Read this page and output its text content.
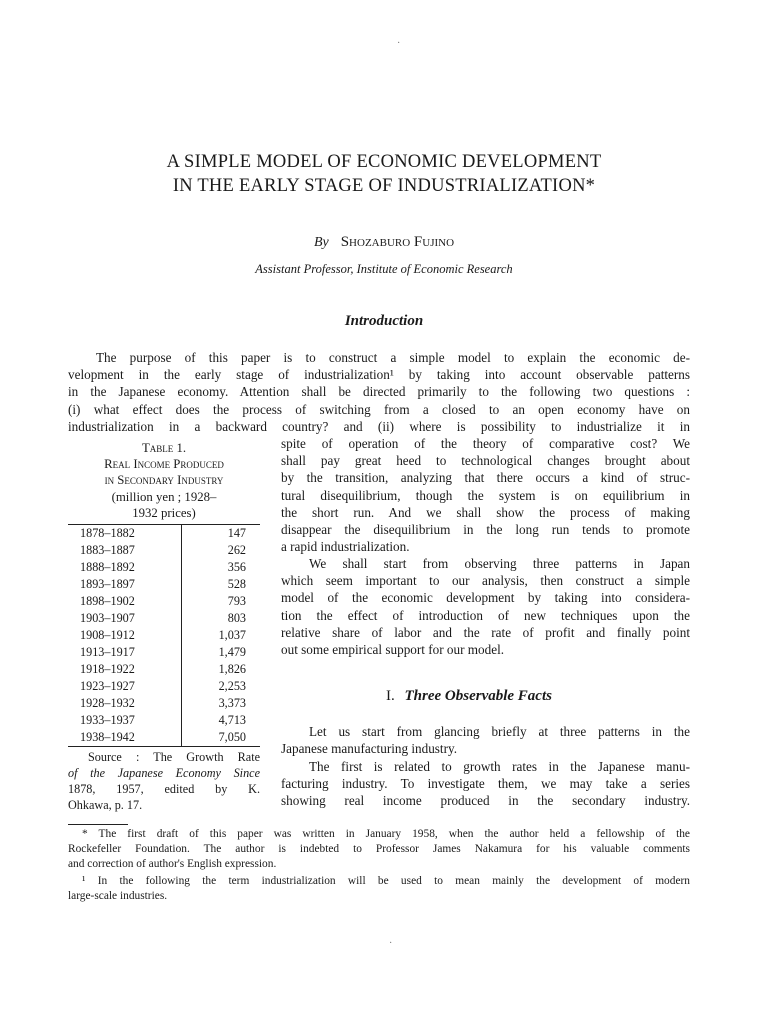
·
·
A SIMPLE MODEL OF ECONOMIC DEVELOPMENT
IN THE EARLY STAGE OF INDUSTRIALIZATION*
By Shozaburo Fujino
Assistant Professor, Institute of Economic Research
Introduction
The purpose of this paper is to construct a simple model to explain the economic de-
velopment in the early stage of industrialization¹ by taking into account observable patterns
in the Japanese economy. Attention shall be directed primarily to the following two questions :
(i) what effect does the process of switching from a closed to an open economy have on
industrialization in a backward country? and (ii) where is possibility to industrialize it in
Table 1.
Real Income Produced
in Secondary Industry
(million yen ; 1928–
1932 prices)
1878–1882	147
1883–1887	262
1888–1892	356
1893–1897	528
1898–1902	793
1903–1907	803
1908–1912	1,037
1913–1917	1,479
1918–1922	1,826
1923–1927	2,253
1928–1932	3,373
1933–1937	4,713
1938–1942	7,050
Source : The Growth Rate
of the Japanese Economy Since
1878, 1957, edited by K.
Ohkawa, p. 17.
spite of operation of the theory of comparative cost? We
shall pay great heed to technological changes brought about
by the transition, analyzing that there occurs a kind of struc-
tural disequilibrium, though the system is on equilibrium in
the short run. And we shall show the process of making
disappear the disequilibrium in the long run tends to promote
a rapid industrialization.
We shall start from observing three patterns in Japan
which seem important to our analysis, then construct a simple
model of the economic development by taking into considera-
tion the effect of introduction of new techniques upon the
relative share of labor and the rate of profit and finally point
out some empirical support for our model.
I. Three Observable Facts
Let us start from glancing briefly at three patterns in the
Japanese manufacturing industry.
The first is related to growth rates in the Japanese manu-
facturing industry. To investigate them, we may take a series
showing real income produced in the secondary industry.
* The first draft of this paper was written in January 1958, when the author held a fellowship of the
Rockefeller Foundation. The author is indebted to Professor James Nakamura for his valuable comments
and correction of author's English expression.
¹ In the following the term industrialization will be used to mean mainly the development of modern
large-scale industries.
